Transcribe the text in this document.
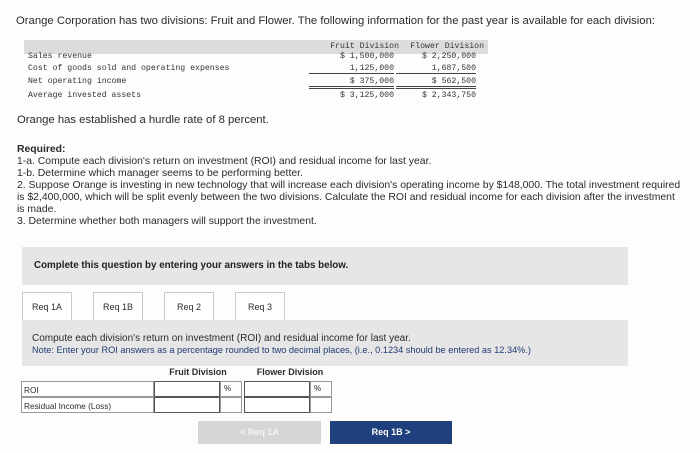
Orange Corporation has two divisions: Fruit and Flower. The following information for the past year is available for each division:
Fruit Division	Flower Division
Sales revenue	$ 1,500,000	$ 2,250,000
Cost of goods sold and operating expenses	1,125,000	1,687,500
Net operating income	$ 375,000	$ 562,500
Average invested assets	$ 3,125,000	$ 2,343,750
Orange has established a hurdle rate of 8 percent.
Required:
1-a. Compute each division's return on investment (ROI) and residual income for last year.
1-b. Determine which manager seems to be performing better.
2. Suppose Orange is investing in new technology that will increase each division's operating income by $148,000. The total investment required is $2,400,000, which will be split evenly between the two divisions. Calculate the ROI and residual income for each division after the investment is made.
3. Determine whether both managers will support the investment.
Complete this question by entering your answers in the tabs below.
Req 1A	Req 1B	Req 2	Req 3
Compute each division's return on investment (ROI) and residual income for last year.
Note: Enter your ROI answers as a percentage rounded to two decimal places, (i.e., 0.1234 should be entered as 12.34%.)
Fruit Division	Flower Division
ROI	%	%
Residual Income (Loss)
< Req 1A	Req 1B >
